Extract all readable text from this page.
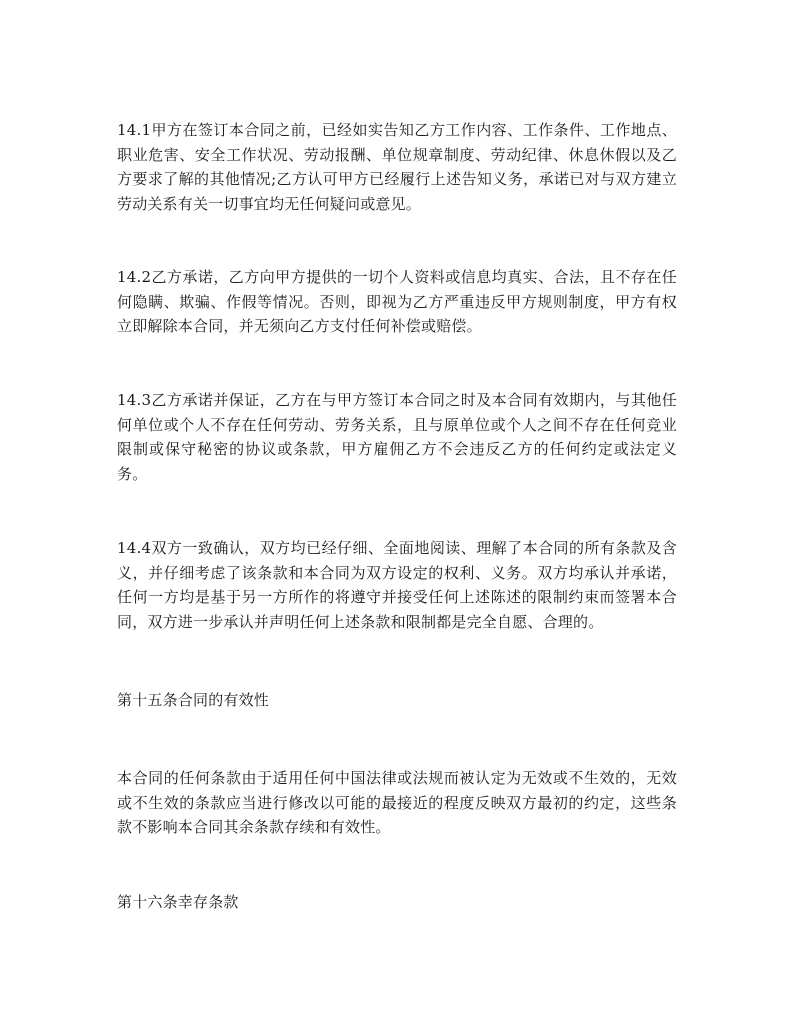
14.1甲方在签订本合同之前，已经如实告知乙方工作内容、工作条件、工作地点、职业危害、安全工作状况、劳动报酬、单位规章制度、劳动纪律、休息休假以及乙方要求了解的其他情况;乙方认可甲方已经履行上述告知义务，承诺已对与双方建立劳动关系有关一切事宜均无任何疑问或意见。

14.2乙方承诺，乙方向甲方提供的一切个人资料或信息均真实、合法，且不存在任何隐瞒、欺骗、作假等情况。否则，即视为乙方严重违反甲方规则制度，甲方有权立即解除本合同，并无须向乙方支付任何补偿或赔偿。

14.3乙方承诺并保证，乙方在与甲方签订本合同之时及本合同有效期内，与其他任何单位或个人不存在任何劳动、劳务关系，且与原单位或个人之间不存在任何竞业限制或保守秘密的协议或条款，甲方雇佣乙方不会违反乙方的任何约定或法定义务。

14.4双方一致确认，双方均已经仔细、全面地阅读、理解了本合同的所有条款及含义，并仔细考虑了该条款和本合同为双方设定的权利、义务。双方均承认并承诺，任何一方均是基于另一方所作的将遵守并接受任何上述陈述的限制约束而签署本合同，双方进一步承认并声明任何上述条款和限制都是完全自愿、合理的。

第十五条合同的有效性

本合同的任何条款由于适用任何中国法律或法规而被认定为无效或不生效的，无效或不生效的条款应当进行修改以可能的最接近的程度反映双方最初的约定，这些条款不影响本合同其余条款存续和有效性。

第十六条幸存条款
